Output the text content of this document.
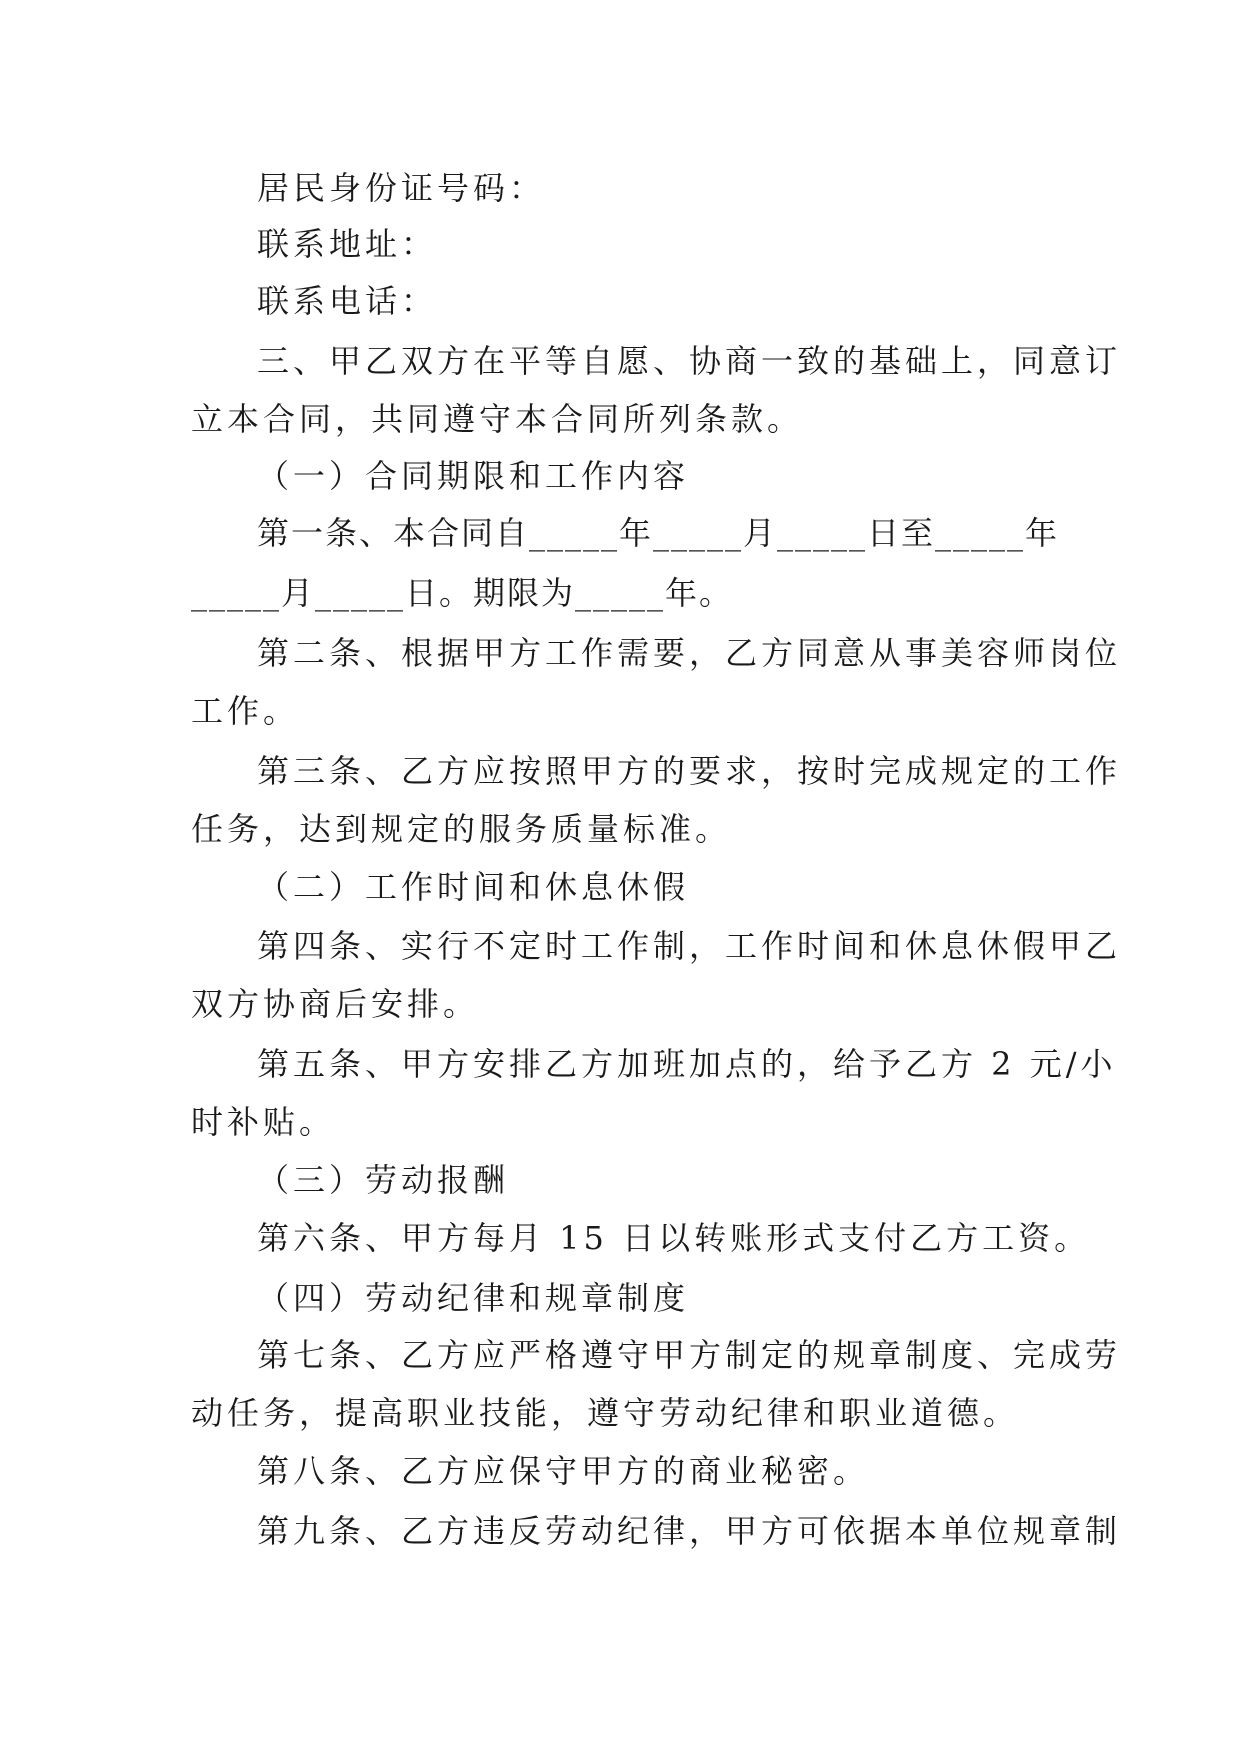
居民身份证号码：
联系地址：
联系电话：
三、甲乙双方在平等自愿、协商一致的基础上，同意订
立本合同，共同遵守本合同所列条款。
（一）合同期限和工作内容
第一条、本合同自_____年_____月_____日至_____年
_____月_____日。期限为_____年。
第二条、根据甲方工作需要，乙方同意从事美容师岗位
工作。
第三条、乙方应按照甲方的要求，按时完成规定的工作
任务，达到规定的服务质量标准。
（二）工作时间和休息休假
第四条、实行不定时工作制，工作时间和休息休假甲乙
双方协商后安排。
第五条、甲方安排乙方加班加点的，给予乙方 2 元/小
时补贴。
（三）劳动报酬
第六条、甲方每月 15 日以转账形式支付乙方工资。
（四）劳动纪律和规章制度
第七条、乙方应严格遵守甲方制定的规章制度、完成劳
动任务，提高职业技能，遵守劳动纪律和职业道德。
第八条、乙方应保守甲方的商业秘密。
第九条、乙方违反劳动纪律，甲方可依据本单位规章制
